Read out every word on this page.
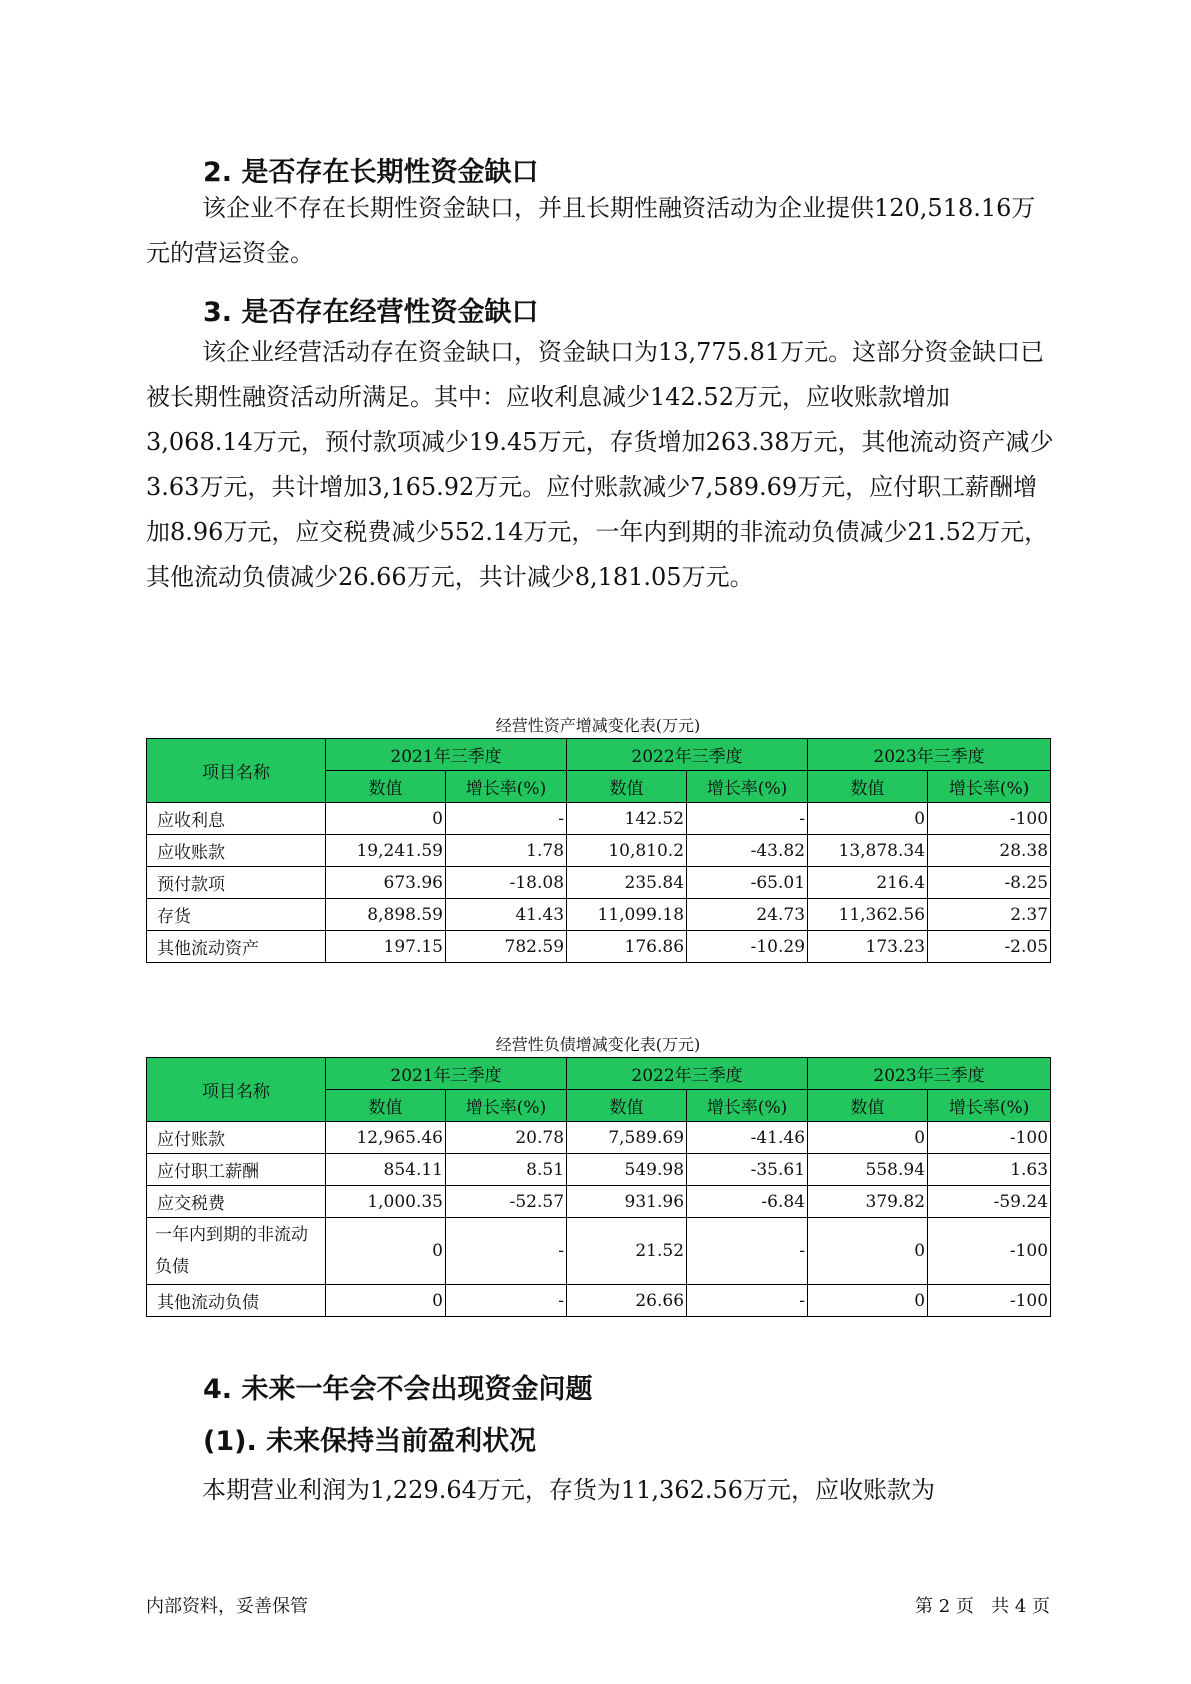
2. 是否存在长期性资金缺口

该企业不存在长期性资金缺口，并且长期性融资活动为企业提供120,518.16万元的营运资金。

3. 是否存在经营性资金缺口

该企业经营活动存在资金缺口，资金缺口为13,775.81万元。这部分资金缺口已被长期性融资活动所满足。其中：应收利息减少142.52万元，应收账款增加3,068.14万元，预付款项减少19.45万元，存货增加263.38万元，其他流动资产减少3.63万元，共计增加3,165.92万元。应付账款减少7,589.69万元，应付职工薪酬增加8.96万元，应交税费减少552.14万元，一年内到期的非流动负债减少21.52万元，其他流动负债减少26.66万元，共计减少8,181.05万元。

经营性资产增减变化表(万元)

项目名称	2021年三季度		2022年三季度		2023年三季度	
	数值	增长率(%)	数值	增长率(%)	数值	增长率(%)
应收利息	0	-	142.52	-	0	-100
应收账款	19,241.59	1.78	10,810.2	-43.82	13,878.34	28.38
预付款项	673.96	-18.08	235.84	-65.01	216.4	-8.25
存货	8,898.59	41.43	11,099.18	24.73	11,362.56	2.37
其他流动资产	197.15	782.59	176.86	-10.29	173.23	-2.05

经营性负债增减变化表(万元)

项目名称	2021年三季度		2022年三季度		2023年三季度	
	数值	增长率(%)	数值	增长率(%)	数值	增长率(%)
应付账款	12,965.46	20.78	7,589.69	-41.46	0	-100
应付职工薪酬	854.11	8.51	549.98	-35.61	558.94	1.63
应交税费	1,000.35	-52.57	931.96	-6.84	379.82	-59.24
一年内到期的非流动负债	0	-	21.52	-	0	-100
其他流动负债	0	-	26.66	-	0	-100
4. 未来一年会不会出现资金问题
(1). 未来保持当前盈利状况

本期营业利润为1,229.64万元，存货为11,362.56万元，应收账款为

内部资料，妥善保管	第 2 页   共 4 页
